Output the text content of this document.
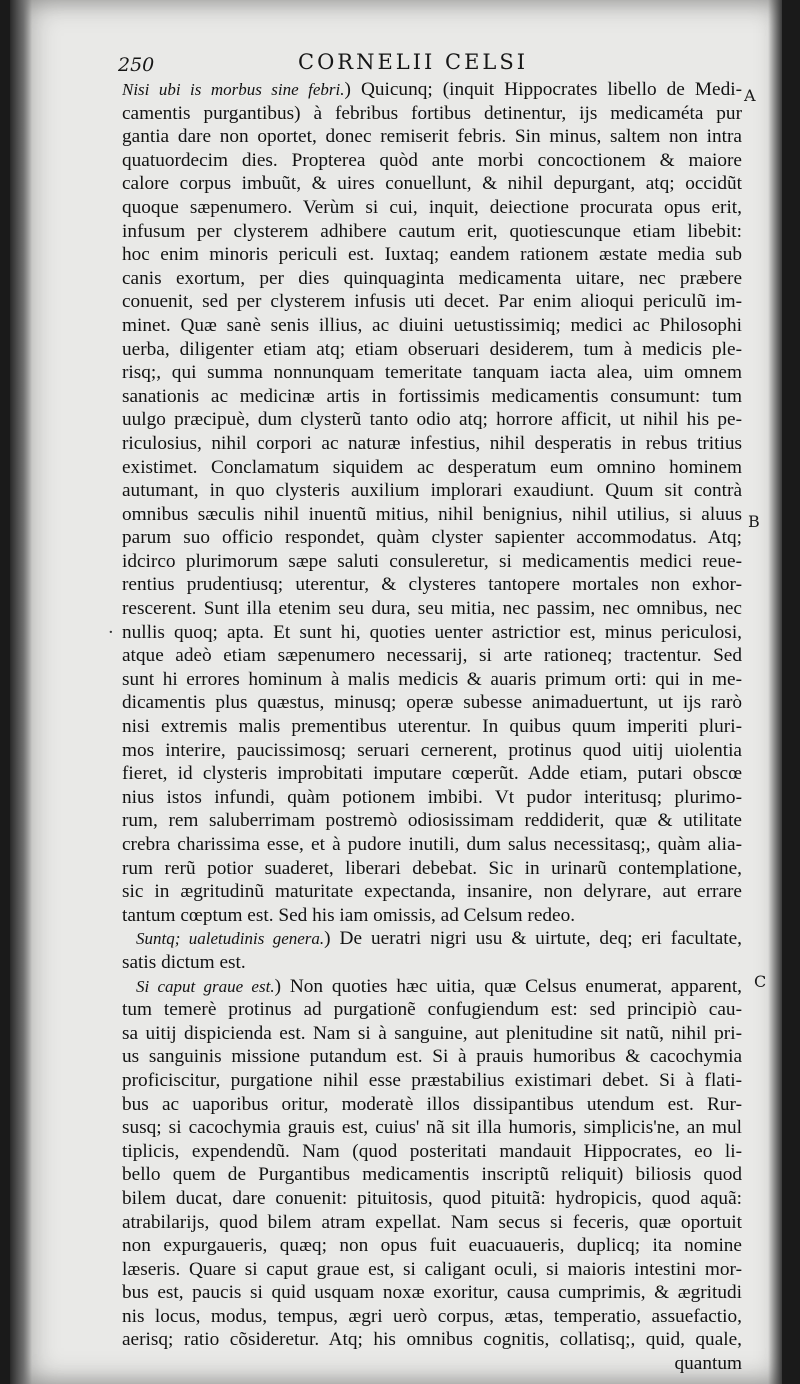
250	CORNELII CELSI
A
B
C
·
Nisi ubi is morbus sine febri.) Quicunq; (inquit Hippocrates libello de Medi-
camentis purgantibus) à febribus fortibus detinentur, ijs medicaméta pur
gantia dare non oportet, donec remiserit febris. Sin minus, saltem non intra
quatuordecim dies. Propterea quòd ante morbi concoctionem & maiore
calore corpus imbuũt, & uires conuellunt, & nihil depurgant, atq; occidũt
quoque sæpenumero. Verùm si cui, inquit, deiectione procurata opus erit,
infusum per clysterem adhibere cautum erit, quotiescunque etiam libebit:
hoc enim minoris periculi est. Iuxtaq; eandem rationem æstate media sub
canis exortum, per dies quinquaginta medicamenta uitare, nec præbere
conuenit, sed per clysterem infusis uti decet. Par enim alioqui periculũ im-
minet. Quæ sanè senis illius, ac diuini uetustissimiq; medici ac Philosophi
uerba, diligenter etiam atq; etiam obseruari desiderem, tum à medicis ple-
risq;, qui summa nonnunquam temeritate tanquam iacta alea, uim omnem
sanationis ac medicinæ artis in fortissimis medicamentis consumunt: tum
uulgo præcipuè, dum clysterũ tanto odio atq; horrore afficit, ut nihil his pe-
riculosius, nihil corpori ac naturæ infestius, nihil desperatis in rebus tritius
existimet. Conclamatum siquidem ac desperatum eum omnino hominem
autumant, in quo clysteris auxilium implorari exaudiunt. Quum sit contrà
omnibus sæculis nihil inuentũ mitius, nihil benignius, nihil utilius, si aluus
parum suo officio respondet, quàm clyster sapienter accommodatus. Atq;
idcirco plurimorum sæpe saluti consuleretur, si medicamentis medici reue-
rentius prudentiusq; uterentur, & clysteres tantopere mortales non exhor-
rescerent. Sunt illa etenim seu dura, seu mitia, nec passim, nec omnibus, nec
nullis quoq; apta. Et sunt hi, quoties uenter astrictior est, minus periculosi,
atque adeò etiam sæpenumero necessarij, si arte rationeq; tractentur. Sed
sunt hi errores hominum à malis medicis & auaris primum orti: qui in me-
dicamentis plus quæstus, minusq; operæ subesse animaduertunt, ut ijs rarò
nisi extremis malis prementibus uterentur. In quibus quum imperiti pluri-
mos interire, paucissimosq; seruari cernerent, protinus quod uitij uiolentia
fieret, id clysteris improbitati imputare cœperũt. Adde etiam, putari obscœ
nius istos infundi, quàm potionem imbibi. Vt pudor interitusq; plurimo-
rum, rem saluberrimam postremò odiosissimam reddiderit, quæ & utilitate
crebra charissima esse, et à pudore inutili, dum salus necessitasq;, quàm alia-
rum rerũ potior suaderet, liberari debebat. Sic in urinarũ contemplatione,
sic in ægritudinũ maturitate expectanda, insanire, non delyrare, aut errare
tantum cœptum est. Sed his iam omissis, ad Celsum redeo.
Suntq; ualetudinis genera.) De ueratri nigri usu & uirtute, deq; eri facultate,
satis dictum est.
Si caput graue est.) Non quoties hæc uitia, quæ Celsus enumerat, apparent,
tum temerè protinus ad purgationẽ confugiendum est: sed principiò cau-
sa uitij dispicienda est. Nam si à sanguine, aut plenitudine sit natũ, nihil pri-
us sanguinis missione putandum est. Si à prauis humoribus & cacochymia
proficiscitur, purgatione nihil esse præstabilius existimari debet. Si à flati-
bus ac uaporibus oritur, moderatè illos dissipantibus utendum est. Rur-
susq; si cacochymia grauis est, cuius' nã sit illa humoris, simplicis'ne, an mul
tiplicis, expendendũ. Nam (quod posteritati mandauit Hippocrates, eo li-
bello quem de Purgantibus medicamentis inscriptũ reliquit) biliosis quod
bilem ducat, dare conuenit: pituitosis, quod pituitã: hydropicis, quod aquã:
atrabilarijs, quod bilem atram expellat. Nam secus si feceris, quæ oportuit
non expurgaueris, quæq; non opus fuit euacuaueris, duplicq; ita nomine
læseris. Quare si caput graue est, si caligant oculi, si maioris intestini mor-
bus est, paucis si quid usquam noxæ exoritur, causa cumprimis, & ægritudi
nis locus, modus, tempus, ægri uerò corpus, ætas, temperatio, assuefactio,
aerisq; ratio cõsideretur. Atq; his omnibus cognitis, collatisq;, quid, quale,
quantum
